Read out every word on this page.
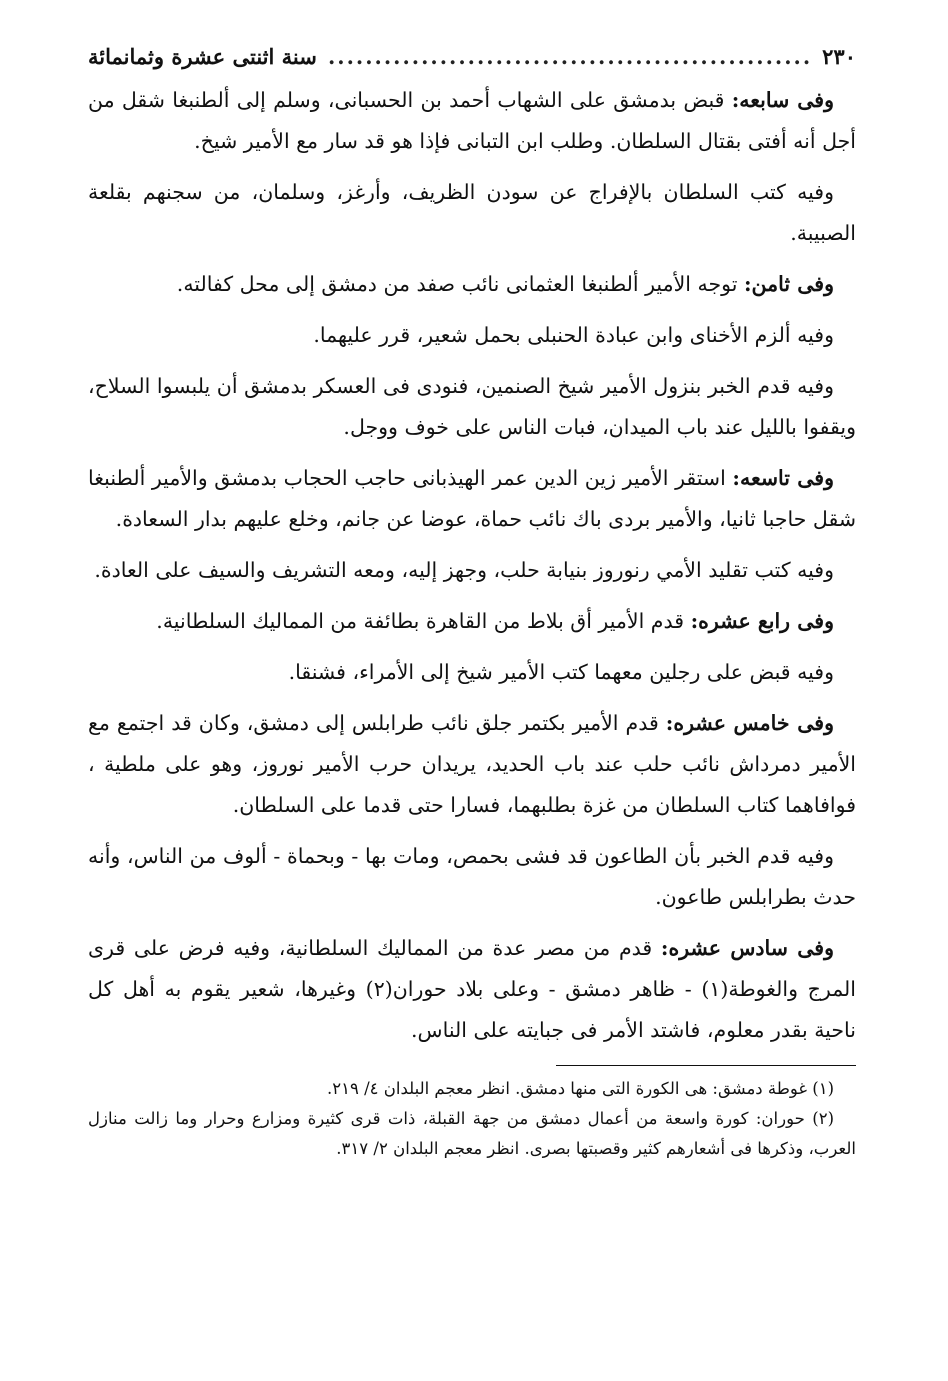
٢٣٠
.....
سنة اثنتى عشرة وثمانمائة

وفى سابعه: قبض بدمشق على الشهاب أحمد بن الحسبانى، وسلم إلى ألطنبغا شقل من أجل أنه أفتى بقتال السلطان. وطلب ابن التبانى فإذا هو قد سار مع الأمير شيخ.

وفيه كتب السلطان بالإفراج عن سودن الظريف، وأرغز، وسلمان، من سجنهم بقلعة الصبيبة.

وفى ثامن: توجه الأمير ألطنبغا العثمانى نائب صفد من دمشق إلى محل كفالته.

وفيه ألزم الأخناى وابن عبادة الحنبلى بحمل شعير، قرر عليهما.

وفيه قدم الخبر بنزول الأمير شيخ الصنمين، فنودى فى العسكر بدمشق أن يلبسوا السلاح، ويقفوا بالليل عند باب الميدان، فبات الناس على خوف ووجل.

وفى تاسعه: استقر الأمير زين الدين عمر الهيذبانى حاجب الحجاب بدمشق والأمير ألطنبغا شقل حاجبا ثانيا، والأمير بردى باك نائب حماة، عوضا عن جانم، وخلع عليهم بدار السعادة.

وفيه كتب تقليد الأمي رنوروز بنيابة حلب، وجهز إليه، ومعه التشريف والسيف على العادة.

وفى رابع عشره: قدم الأمير أق بلاط من القاهرة بطائفة من المماليك السلطانية.

وفيه قبض على رجلين معهما كتب الأمير شيخ إلى الأمراء، فشنقا.

وفى خامس عشره: قدم الأمير بكتمر جلق نائب طرابلس إلى دمشق، وكان قد اجتمع مع الأمير دمرداش نائب حلب عند باب الحديد، يريدان حرب الأمير نوروز، وهو على ملطية ، فوافاهما كتاب السلطان من غزة بطلبهما، فسارا حتى قدما على السلطان.

وفيه قدم الخبر بأن الطاعون قد فشى بحمص، ومات بها - وبحماة - ألوف من الناس، وأنه حدث بطرابلس طاعون.

وفى سادس عشره: قدم من مصر عدة من المماليك السلطانية، وفيه فرض على قرى المرج والغوطة(١) - ظاهر دمشق - وعلى بلاد حوران(٢) وغيرها، شعير يقوم به أهل كل ناحية بقدر معلوم، فاشتد الأمر فى جبايته على الناس.

(١) غوطة دمشق: هى الكورة التى منها دمشق. انظر معجم البلدان ٤/ ٢١٩.

(٢) حوران: كورة واسعة من أعمال دمشق من جهة القبلة، ذات قرى كثيرة ومزارع وحرار وما زالت منازل العرب، وذكرها فى أشعارهم كثير وقصبتها بصرى. انظر معجم البلدان ٢/ ٣١٧.
